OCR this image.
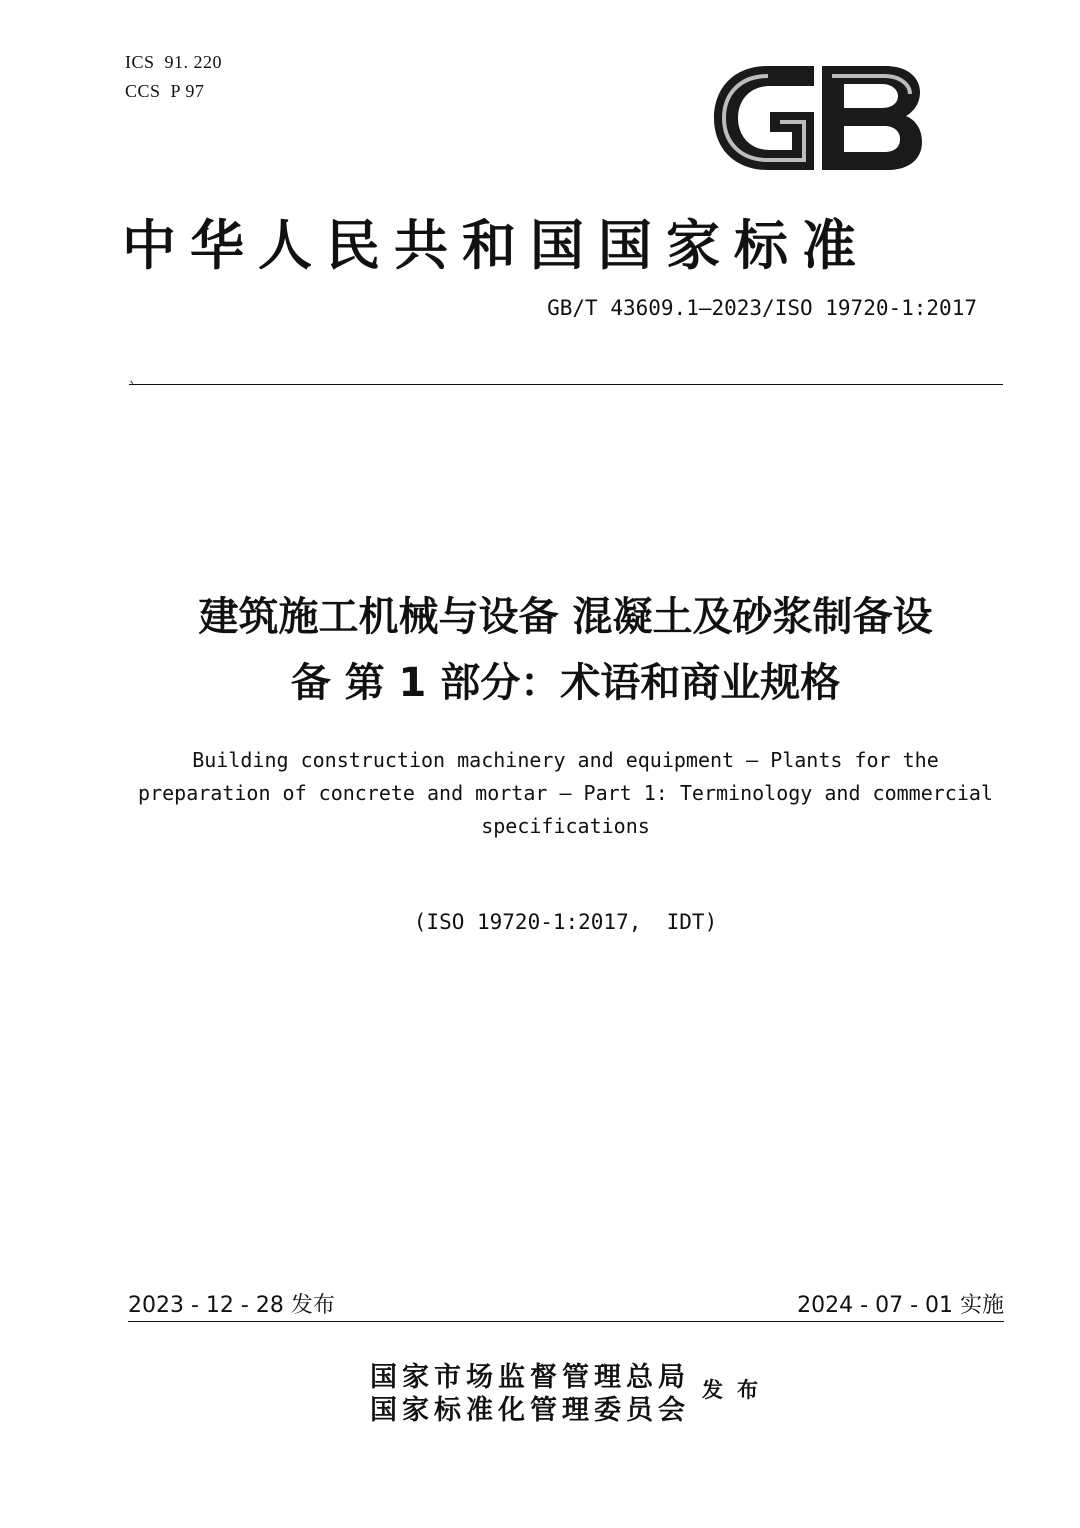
ICS  91. 220
CCS  P 97
中华人民共和国国家标准
GB/T 43609.1—2023/ISO 19720-1:2017
、
建筑施工机械与设备 混凝土及砂浆制备设
备 第 1 部分：术语和商业规格
Building construction machinery and equipment — Plants for the
preparation of concrete and mortar — Part 1: Terminology and commercial
specifications
(ISO 19720-1:2017,  IDT)
2023 - 12 - 28 发布	2024 - 07 - 01 实施
国家市场监督管理总局
国家标准化管理委员会
发布
